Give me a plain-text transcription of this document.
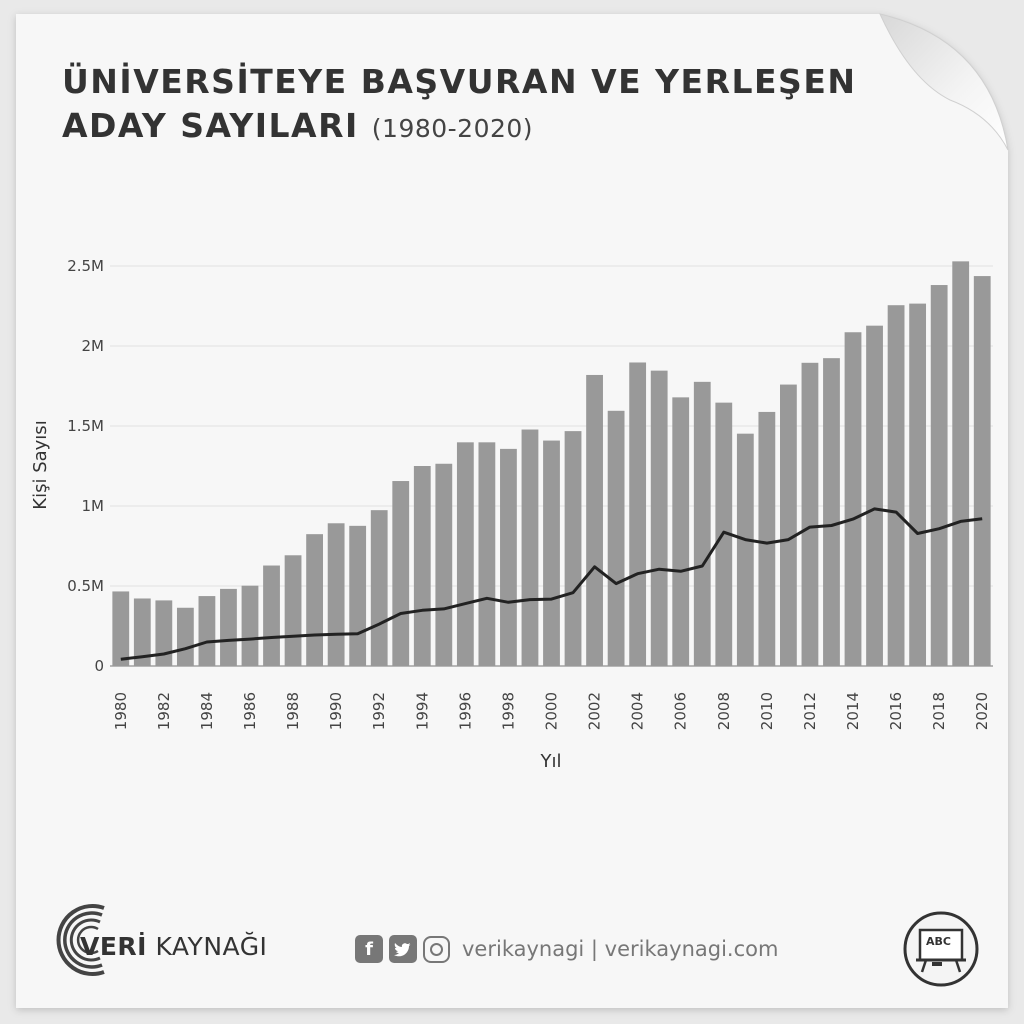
ÜNİVERSİTEYE BAŞVURAN VE YERLEŞEN
ADAY SAYILARI (1980-2020)
0
0.5M
1M
1.5M
2M
2.5M
1980 1982 1984 1986 1988 1990 1992 1994 1996 1998 2000 2002 2004 2006 2008 2010 2012 2014 2016 2018 2020
Yıl
Kişi Sayısı
VERİ KAYNAĞI	f	verikaynagi | verikaynagi.com	ABC
